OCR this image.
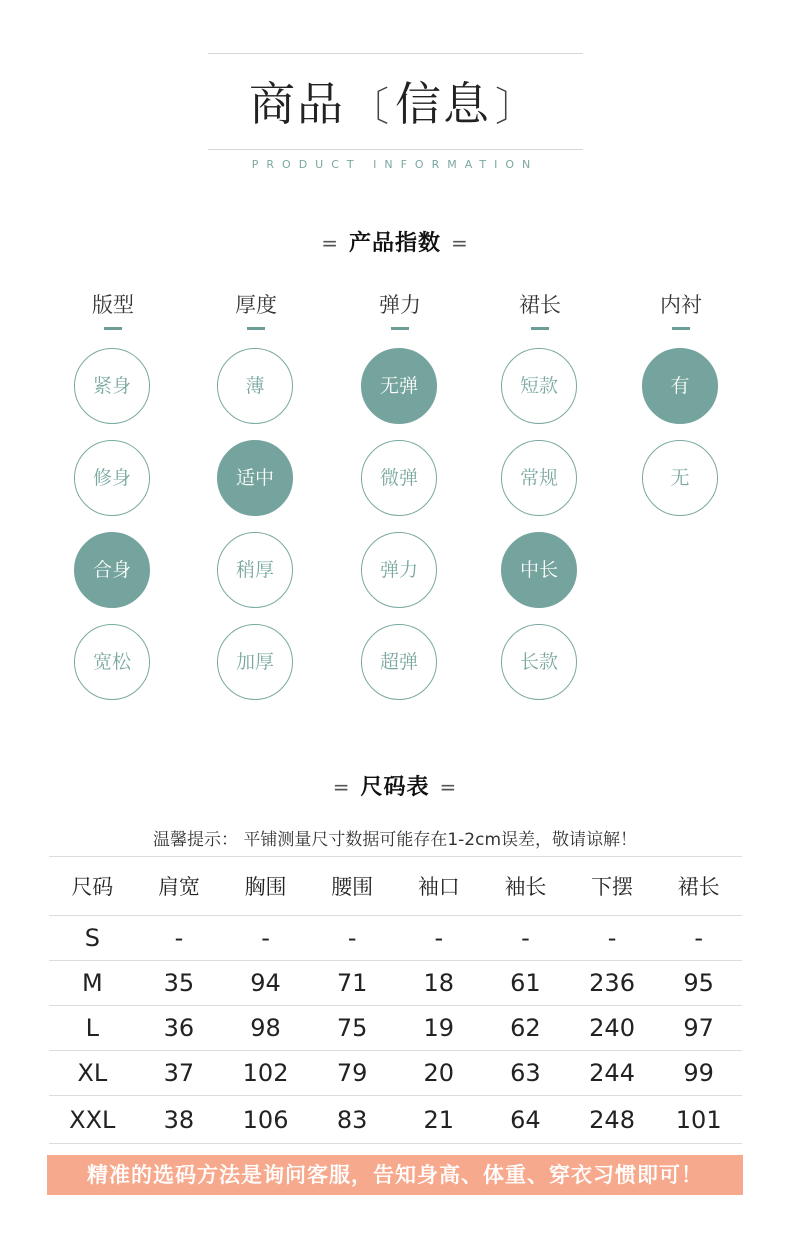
商品 〔信息 〕
PRODUCT INFORMATION
= 产品指数 =
版型
紧身
修身
合身
宽松
厚度
薄
适中
稍厚
加厚
弹力
无弹
微弹
弹力
超弹
裙长
短款
常规
中长
长款
内衬
有
无
= 尺码表 =
温馨提示： 平铺测量尺寸数据可能存在1-2cm误差，敬请谅解！
尺码	肩宽	胸围	腰围	袖口	袖长	下摆	裙长
S	-	-	-	-	-	-	-
M	35	94	71	18	61	236	95
L	36	98	75	19	62	240	97
XL	37	102	79	20	63	244	99
XXL	38	106	83	21	64	248	101
精准的选码方法是询问客服，告知身高、体重、穿衣习惯即可！
